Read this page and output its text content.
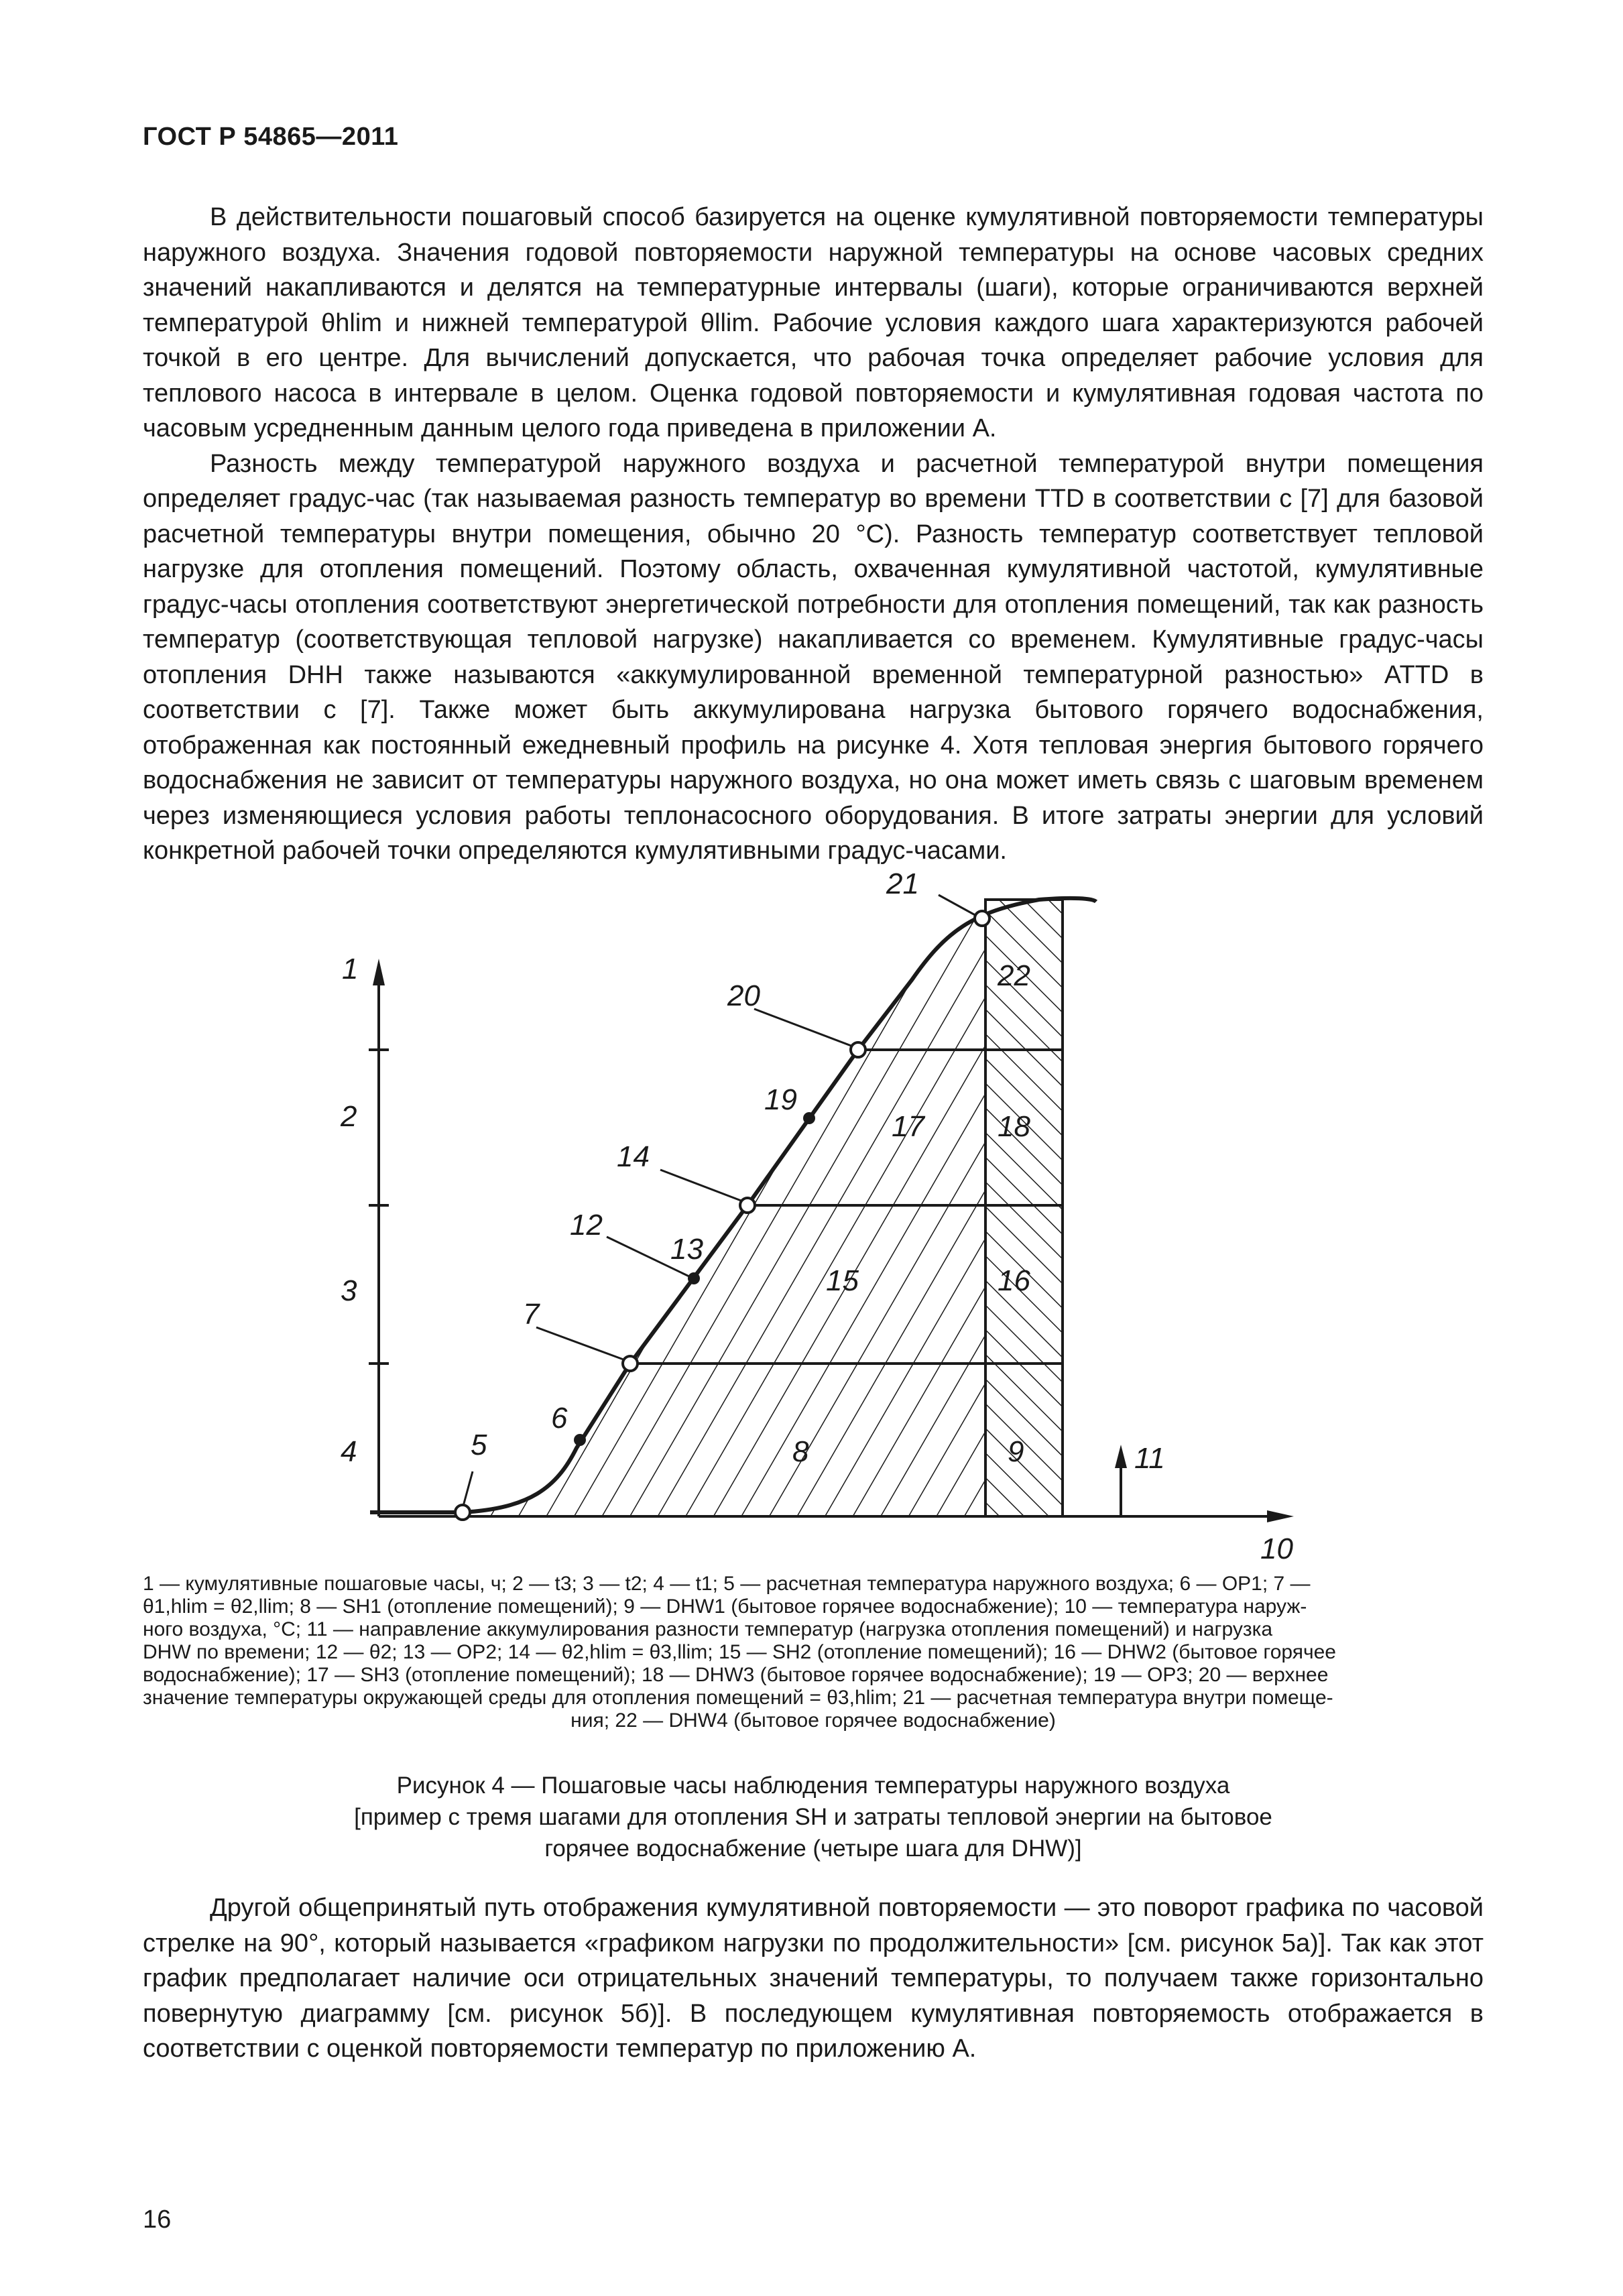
ГОСТ Р 54865—2011

В действительности пошаговый способ базируется на оценке кумулятивной повторяемости температуры наружного воздуха. Значения годовой повторяемости наружной температуры на основе часовых средних значений накапливаются и делятся на температурные интервалы (шаги), которые ограничиваются верхней температурой θhlim и нижней температурой θllim. Рабочие условия каждого шага характеризуются рабочей точкой в его центре. Для вычислений допускается, что рабочая точка определяет рабочие условия для теплового насоса в интервале в целом. Оценка годовой повторяемости и кумулятивная годовая частота по часовым усредненным данным целого года приведена в приложении А.

Разность между температурой наружного воздуха и расчетной температурой внутри помещения определяет градус-час (так называемая разность температур во времени TTD в соответствии с [7] для базовой расчетной температуры внутри помещения, обычно 20 °C). Разность температур соответствует тепловой нагрузке для отопления помещений. Поэтому область, охваченная кумулятивной частотой, кумулятивные градус-часы отопления соответствуют энергетической потребности для отопления помещений, так как разность температур (соответствующая тепловой нагрузке) накапливается со временем. Кумулятивные градус-часы отопления DHH также называются «аккумулированной временной температурной разностью» ATTD в соответствии с [7]. Также может быть аккумулирована нагрузка бытового горячего водоснабжения, отображенная как постоянный ежедневный профиль на рисунке 4. Хотя тепловая энергия бытового горячего водоснабжения не зависит от температуры наружного воздуха, но она может иметь связь с шаговым временем через изменяющиеся условия работы теплонасосного оборудования. В итоге затраты энергии для условий конкретной рабочей точки определяются кумулятивными градус-часами.

1
2
3
4
10
11
5
6
7
8	9
12
13
14
15	16
17 18
19
20
21
22
1 — кумулятивные пошаговые часы, ч; 2 — t3; 3 — t2; 4 — t1; 5 — расчетная температура наружного воздуха; 6 — OP1; 7 —
θ1,hlim = θ2,llim; 8 — SH1 (отопление помещений); 9 — DHW1 (бытовое горячее водоснабжение); 10 — температура наруж-
ного воздуха, °C; 11 — направление аккумулирования разности температур (нагрузка отопления помещений) и нагрузка
DHW по времени; 12 — θ2; 13 — OP2; 14 — θ2,hlim = θ3,llim; 15 — SH2 (отопление помещений); 16 — DHW2 (бытовое горячее
водоснабжение); 17 — SH3 (отопление помещений); 18 — DHW3 (бытовое горячее водоснабжение); 19 — OP3; 20 — верхнее
значение температуры окружающей среды для отопления помещений = θ3,hlim; 21 — расчетная температура внутри помеще-
ния; 22 — DHW4 (бытовое горячее водоснабжение)
Рисунок 4 — Пошаговые часы наблюдения температуры наружного воздуха
[пример с тремя шагами для отопления SH и затраты тепловой энергии на бытовое
горячее водоснабжение (четыре шага для DHW)]

Другой общепринятый путь отображения кумулятивной повторяемости — это поворот графика по часовой стрелке на 90°, который называется «графиком нагрузки по продолжительности» [см. рисунок 5а)]. Так как этот график предполагает наличие оси отрицательных значений температуры, то получаем также горизонтально повернутую диаграмму [см. рисунок 5б)]. В последующем кумулятивная повторяемость отображается в соответствии с оценкой повторяемости температур по приложению А.

16
